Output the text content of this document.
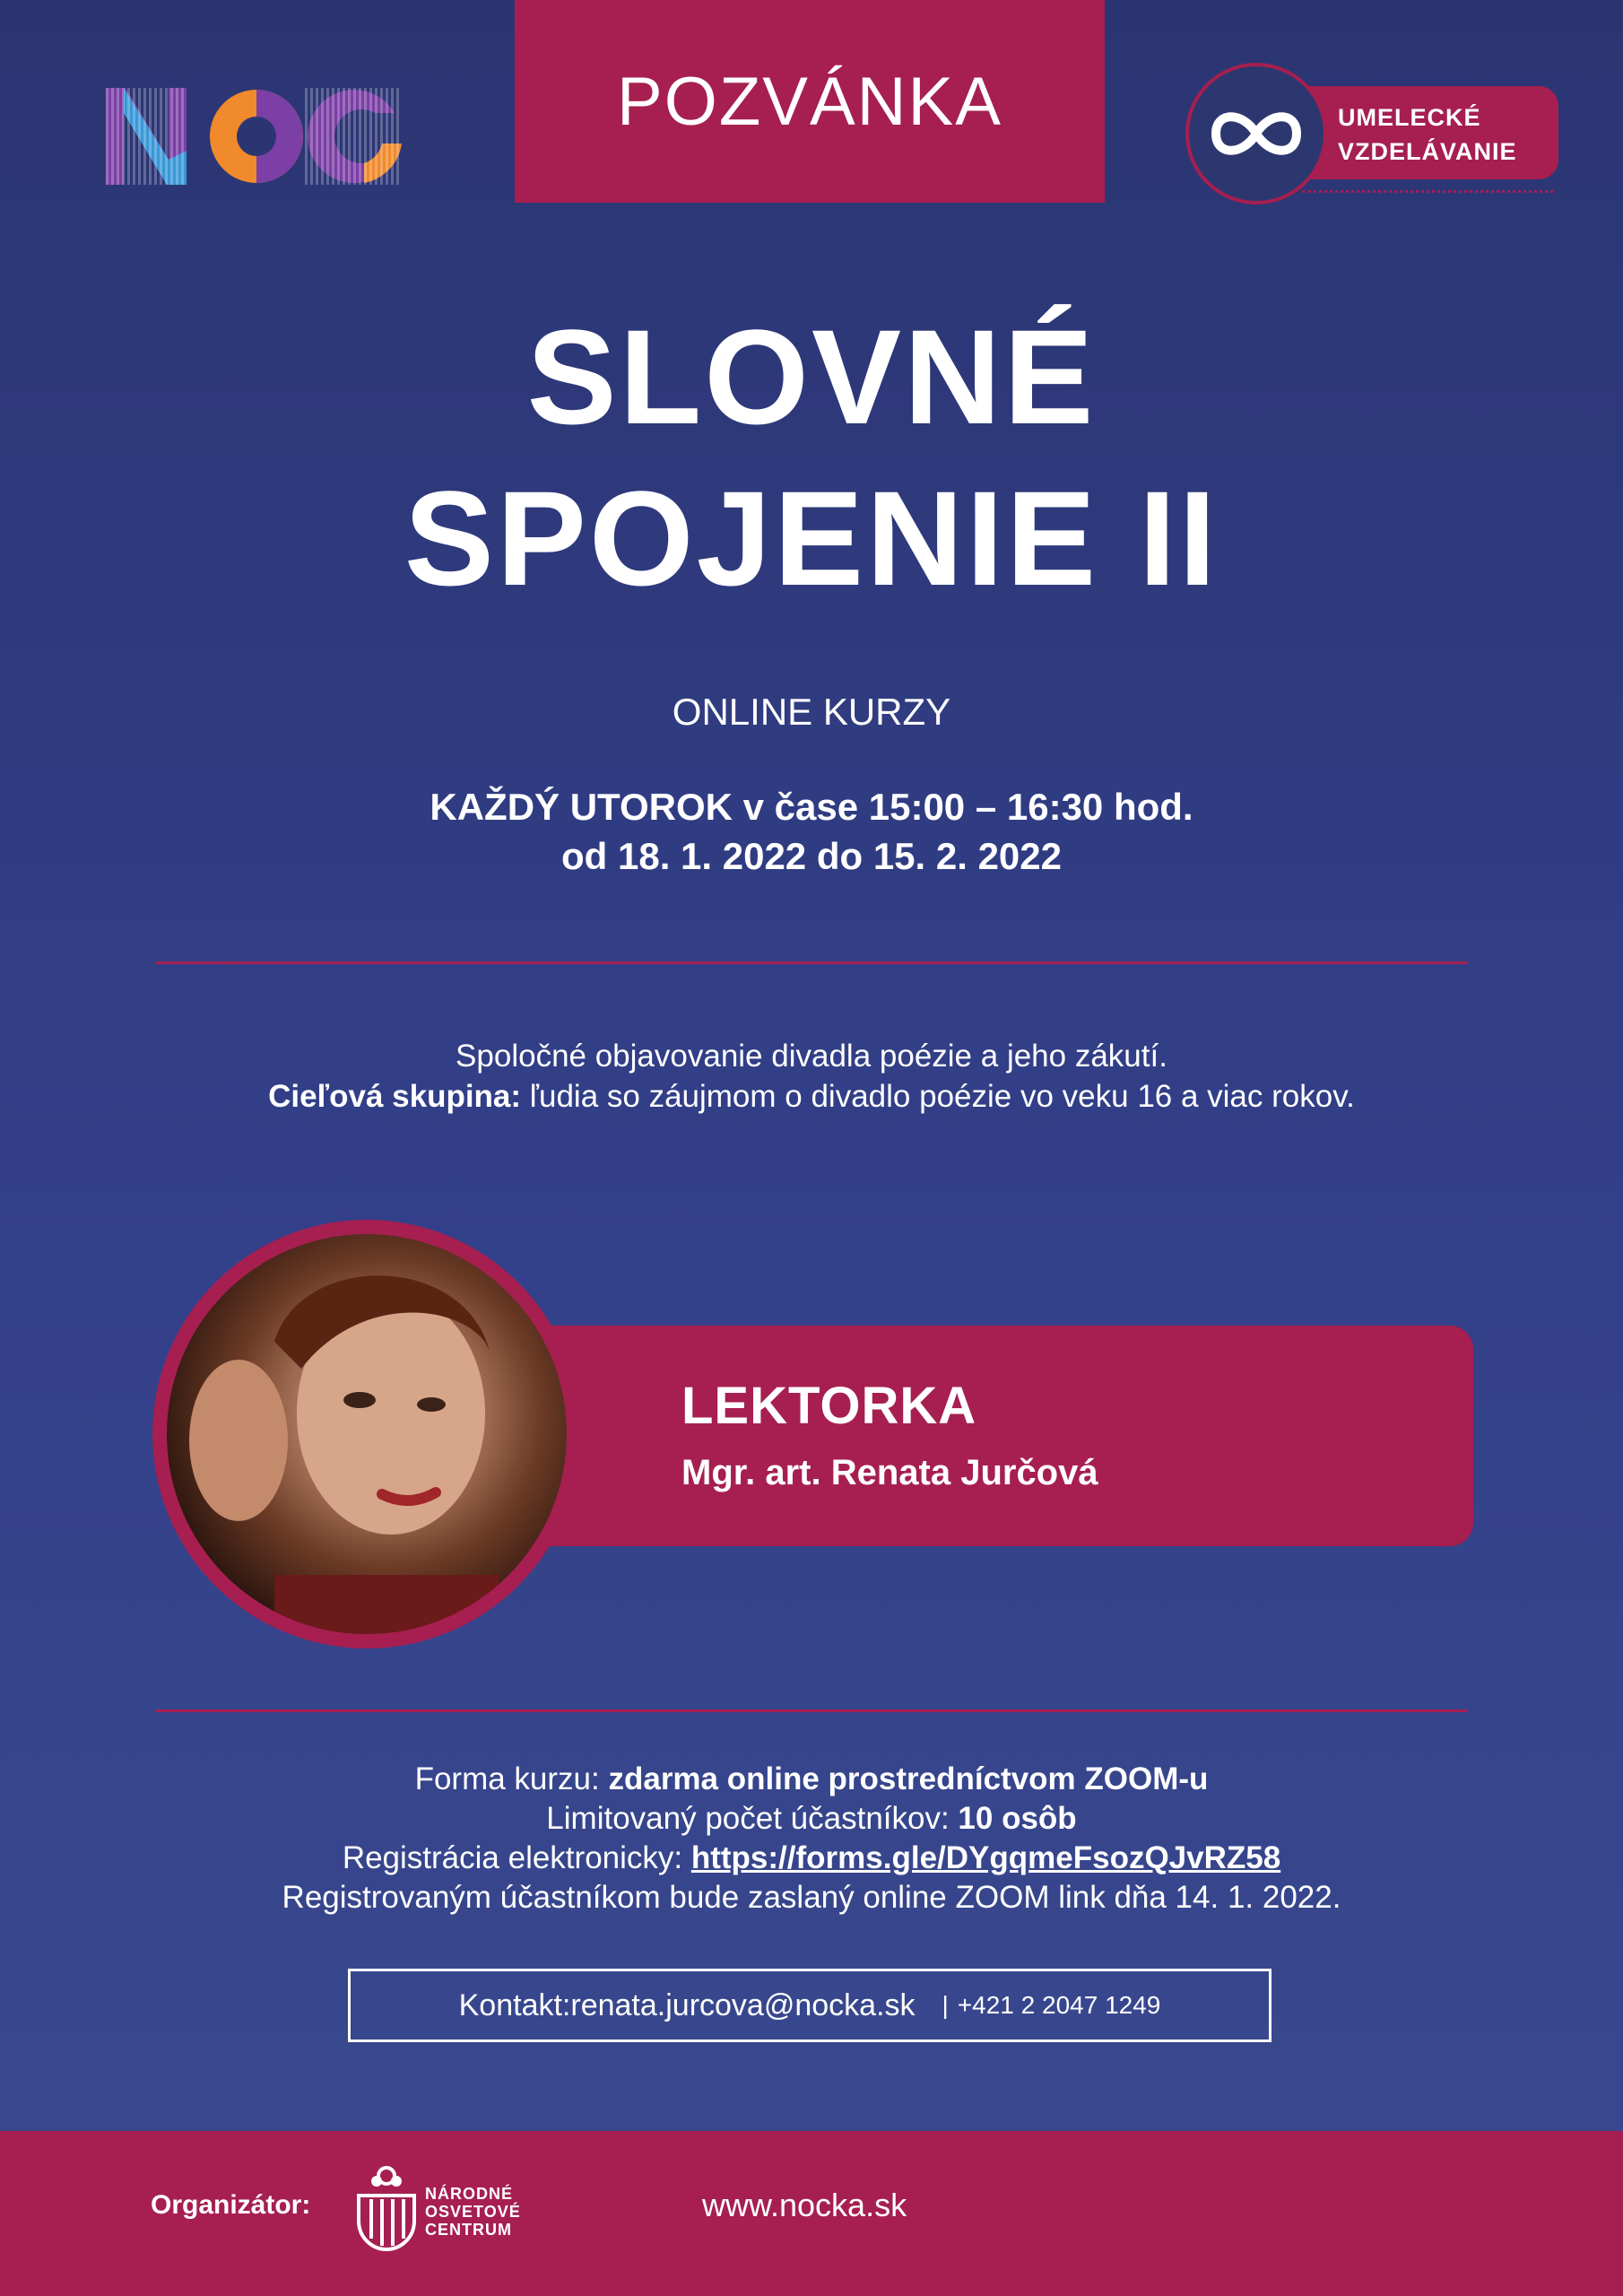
POZVÁNKA	UMELECKÉ
VZDELÁVANIE
SLOVNÉ
SPOJENIE II
ONLINE KURZY
KAŽDÝ UTOROK v čase 15:00 – 16:30 hod.
od 18. 1. 2022 do 15. 2. 2022
Spoločné objavovanie divadla poézie a jeho zákutí.
Cieľová skupina: ľudia so záujmom o divadlo poézie vo veku 16 a viac rokov.
LEKTORKA
Mgr. art. Renata Jurčová
Forma kurzu: zdarma online prostredníctvom ZOOM-u
Limitovaný počet účastníkov: 10 osôb
Registrácia elektronicky: https://forms.gle/DYgqmeFsozQJvRZ58
Registrovaným účastníkom bude zaslaný online ZOOM link dňa 14. 1. 2022.
Kontakt: renata.jurcova@nocka.sk | +421 2 2047 1249
Organizátor:	NÁRODNÉ
OSVETOVÉ
CENTRUM
www.nocka.sk
